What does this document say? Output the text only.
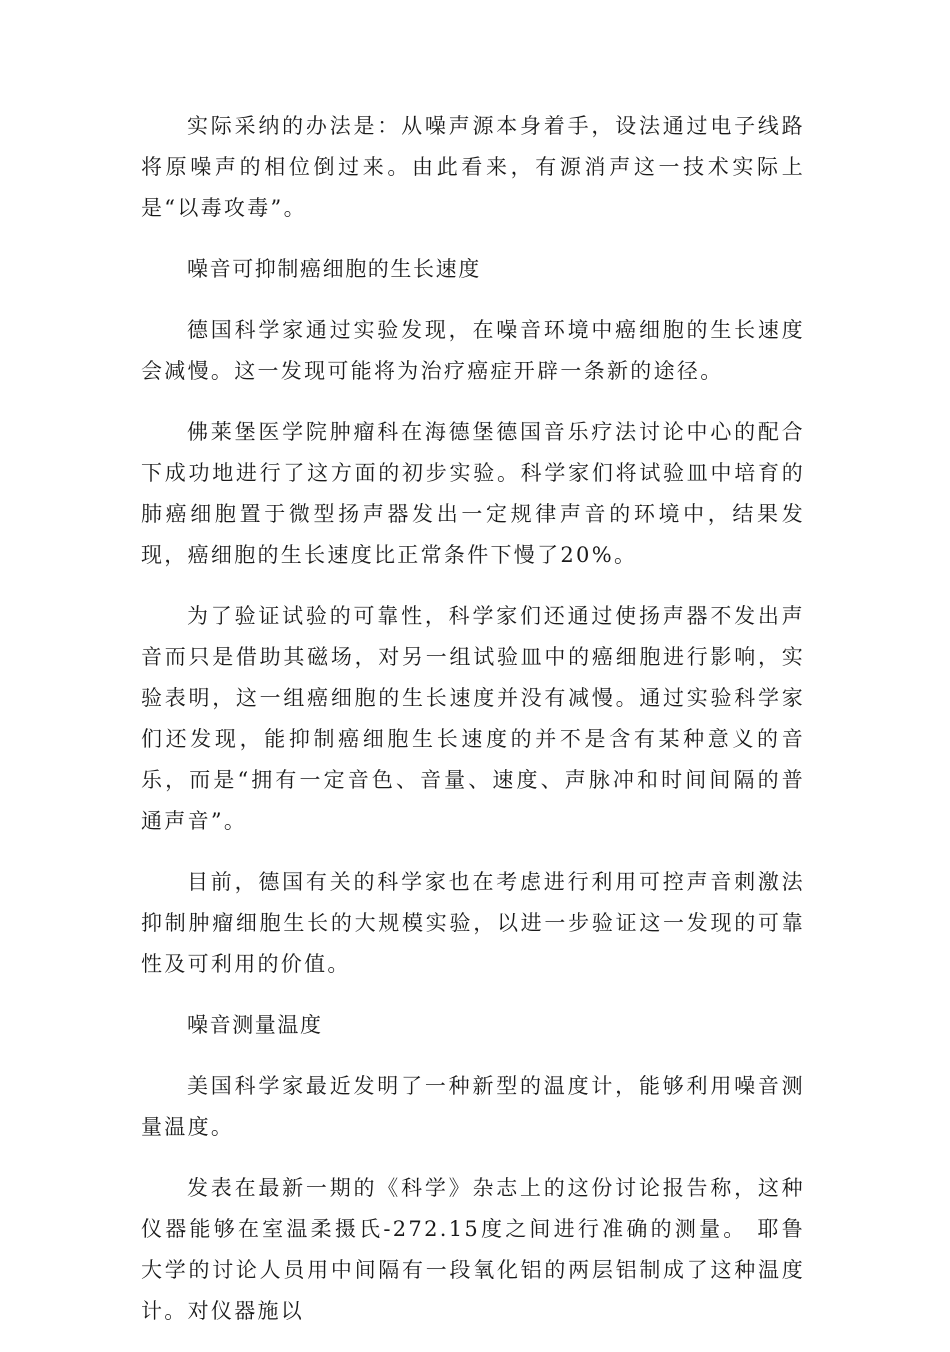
实际采纳的办法是：从噪声源本身着手，设法通过电子线路将原噪声的相位倒过来。由此看来，有源消声这一技术实际上是“以毒攻毒”。

噪音可抑制癌细胞的生长速度

德国科学家通过实验发现，在噪音环境中癌细胞的生长速度会减慢。这一发现可能将为治疗癌症开辟一条新的途径。

佛莱堡医学院肿瘤科在海德堡德国音乐疗法讨论中心的配合下成功地进行了这方面的初步实验。科学家们将试验皿中培育的肺癌细胞置于微型扬声器发出一定规律声音的环境中，结果发现，癌细胞的生长速度比正常条件下慢了20%。

为了验证试验的可靠性，科学家们还通过使扬声器不发出声音而只是借助其磁场，对另一组试验皿中的癌细胞进行影响，实验表明，这一组癌细胞的生长速度并没有减慢。通过实验科学家们还发现，能抑制癌细胞生长速度的并不是含有某种意义的音乐，而是“拥有一定音色、音量、速度、声脉冲和时间间隔的普通声音”。

目前，德国有关的科学家也在考虑进行利用可控声音刺激法抑制肿瘤细胞生长的大规模实验，以进一步验证这一发现的可靠性及可利用的价值。

噪音测量温度

美国科学家最近发明了一种新型的温度计，能够利用噪音测量温度。

发表在最新一期的《科学》杂志上的这份讨论报告称，这种仪器能够在室温柔摄氏-272.15度之间进行准确的测量。 耶鲁大学的讨论人员用中间隔有一段氧化铝的两层铝制成了这种温度计。对仪器施以
